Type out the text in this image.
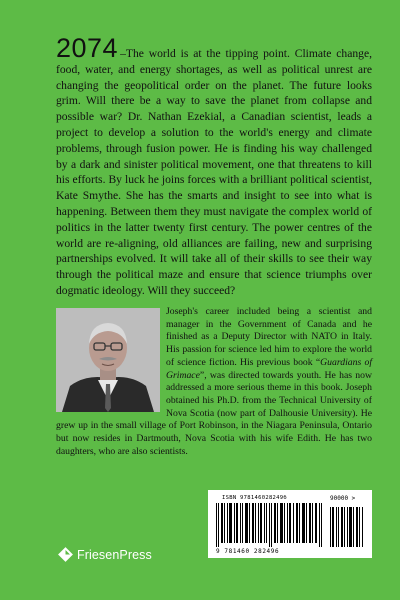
2074 –The world is at the tipping point. Climate change, food, water, and energy shortages, as well as political unrest are changing the geopolitical order on the planet. The future looks grim. Will there be a way to save the planet from collapse and possible war? Dr. Nathan Ezekial, a Canadian scientist, leads a project to develop a solution to the world's energy and climate problems, through fusion power. He is finding his way challenged by a dark and sinister political movement, one that threatens to kill his efforts. By luck he joins forces with a brilliant political scientist, Kate Smythe. She has the smarts and insight to see into what is happening. Between them they must navigate the complex world of politics in the latter twenty first century. The power centres of the world are re-aligning, old alliances are failing, new and surprising partnerships evolved. It will take all of their skills to see their way through the political maze and ensure that science triumphs over dogmatic ideology. Will they succeed?

Joseph's career included being a scientist and manager in the Government of Canada and he finished as a Deputy Director with NATO in Italy. His passion for science led him to explore the world of science fiction. His previous book “Guardians of Grimace”, was directed towards youth. He has now addressed a more serious theme in this book. Joseph obtained his Ph.D. from the Technical University of Nova Scotia (now part of Dalhousie University). He grew up in the small village of Port Robinson, in the Niagara Peninsula, Ontario but now resides in Dartmouth, Nova Scotia with his wife Edith. He has two daughters, who are also scientists.

ISBN 978146028249б	90000 >
9 781460 282496
FriesenPress
